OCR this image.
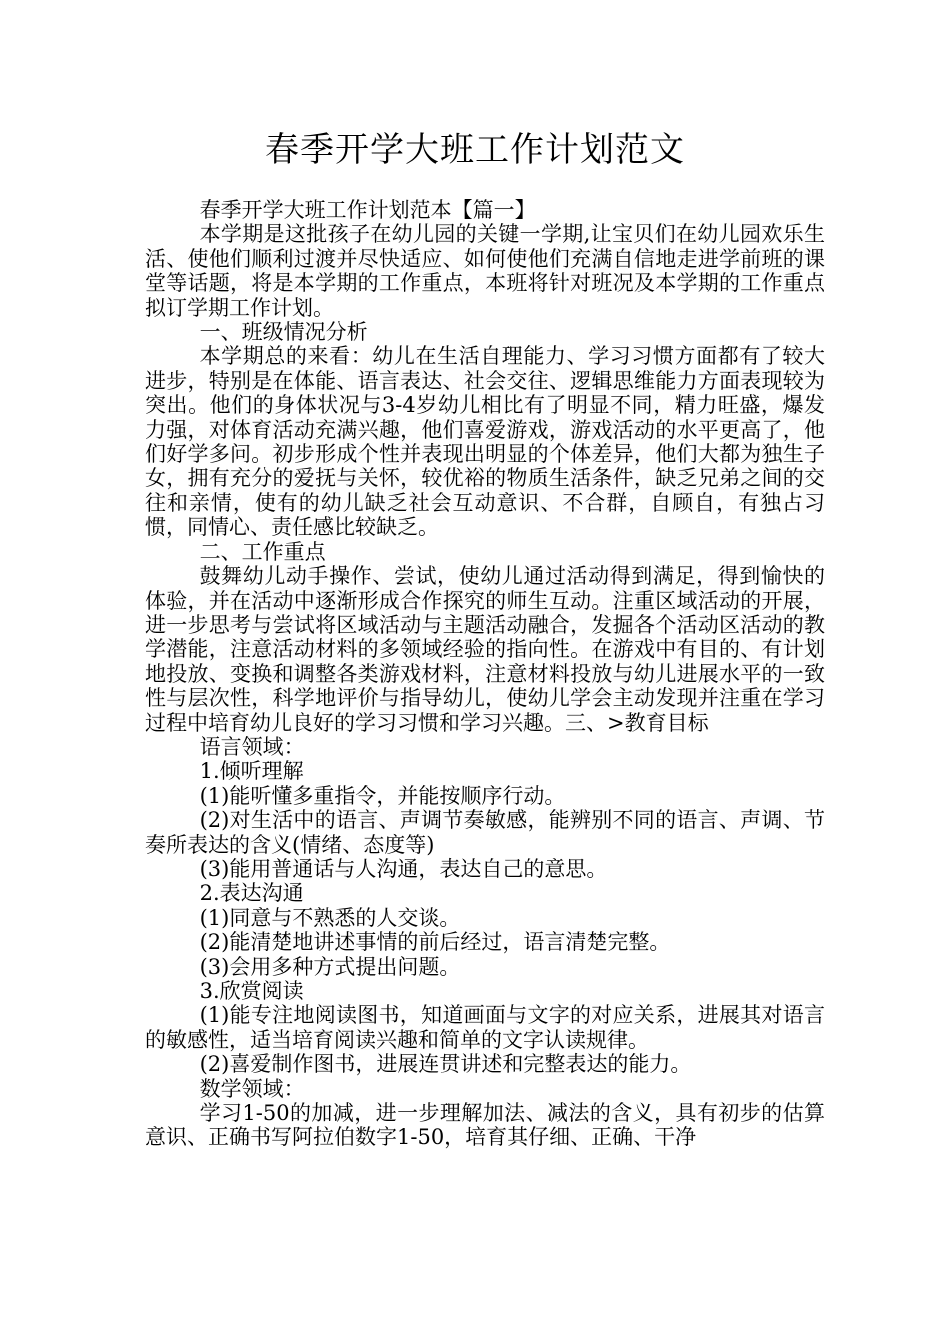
春季开学大班工作计划范文

春季开学大班工作计划范本【篇一】

本学期是这批孩子在幼儿园的关键一学期,让宝贝们在幼儿园欢乐生活、使他们顺利过渡并尽快适应、如何使他们充满自信地走进学前班的课堂等话题，将是本学期的工作重点，本班将针对班况及本学期的工作重点拟订学期工作计划。

一、班级情况分析

本学期总的来看：幼儿在生活自理能力、学习习惯方面都有了较大进步，特别是在体能、语言表达、社会交往、逻辑思维能力方面表现较为突出。他们的身体状况与3-4岁幼儿相比有了明显不同，精力旺盛，爆发力强，对体育活动充满兴趣，他们喜爱游戏，游戏活动的水平更高了，他们好学多问。初步形成个性并表现出明显的个体差异，他们大都为独生子女，拥有充分的爱抚与关怀，较优裕的物质生活条件，缺乏兄弟之间的交往和亲情，使有的幼儿缺乏社会互动意识、不合群，自顾自，有独占习惯，同情心、责任感比较缺乏。

二、工作重点

鼓舞幼儿动手操作、尝试，使幼儿通过活动得到满足，得到愉快的体验，并在活动中逐渐形成合作探究的师生互动。注重区域活动的开展，进一步思考与尝试将区域活动与主题活动融合，发掘各个活动区活动的教学潜能，注意活动材料的多领域经验的指向性。在游戏中有目的、有计划地投放、变换和调整各类游戏材料，注意材料投放与幼儿进展水平的一致性与层次性，科学地评价与指导幼儿，使幼儿学会主动发现并注重在学习过程中培育幼儿良好的学习习惯和学习兴趣。三、>教育目标

语言领域：

1.倾听理解

(1)能听懂多重指令，并能按顺序行动。

(2)对生活中的语言、声调节奏敏感，能辨别不同的语言、声调、节奏所表达的含义(情绪、态度等)

(3)能用普通话与人沟通，表达自己的意思。

2.表达沟通

(1)同意与不熟悉的人交谈。

(2)能清楚地讲述事情的前后经过，语言清楚完整。

(3)会用多种方式提出问题。

3.欣赏阅读

(1)能专注地阅读图书，知道画面与文字的对应关系，进展其对语言的敏感性，适当培育阅读兴趣和简单的文字认读规律。

(2)喜爱制作图书，进展连贯讲述和完整表达的能力。

数学领域：

学习1-50的加减，进一步理解加法、减法的含义，具有初步的估算意识、正确书写阿拉伯数字1-50，培育其仔细、正确、干净
